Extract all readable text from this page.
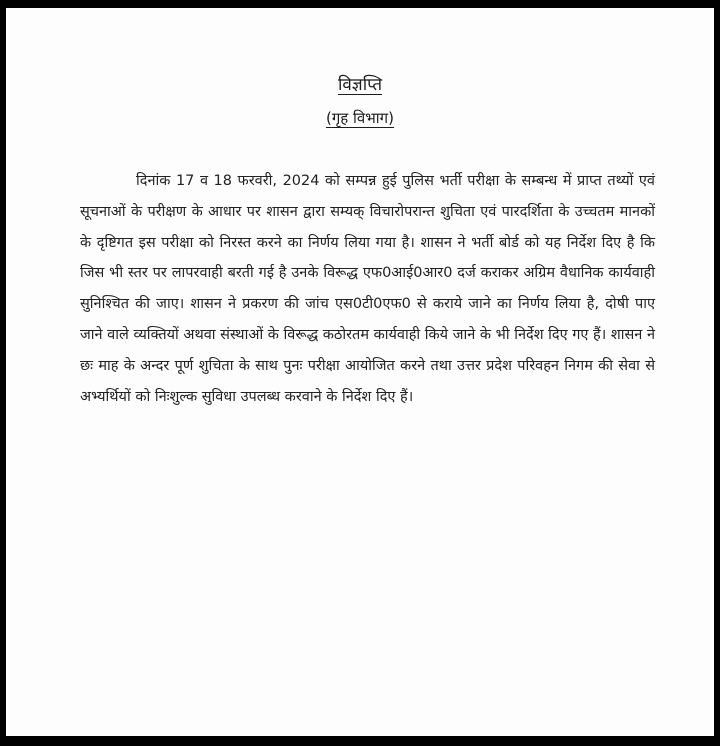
विज्ञप्ति

(गृह विभाग)

दिनांक 17 व 18 फरवरी, 2024 को सम्पन्न हुई पुलिस भर्ती परीक्षा के सम्बन्ध में प्राप्त तथ्यों एवं सूचनाओं के परीक्षण के आधार पर शासन द्वारा सम्यक् विचारोपरान्त शुचिता एवं पारदर्शिता के उच्चतम मानकों के दृष्टिगत इस परीक्षा को निरस्त करने का निर्णय लिया गया है। शासन ने भर्ती बोर्ड को यह निर्देश दिए है कि जिस भी स्तर पर लापरवाही बरती गई है उनके विरूद्ध एफ0आई0आर0 दर्ज कराकर अग्रिम वैधानिक कार्यवाही सुनिश्चित की जाए। शासन ने प्रकरण की जांच एस0टी0एफ0 से कराये जाने का निर्णय लिया है, दोषी पाए जाने वाले व्यक्तियों अथवा संस्थाओं के विरूद्ध कठोरतम कार्यवाही किये जाने के भी निर्देश दिए गए हैं। शासन ने छः माह के अन्दर पूर्ण शुचिता के साथ पुनः परीक्षा आयोजित करने तथा उत्तर प्रदेश परिवहन निगम की सेवा से अभ्यर्थियों को निःशुल्क सुविधा उपलब्ध करवाने के निर्देश दिए हैं।
